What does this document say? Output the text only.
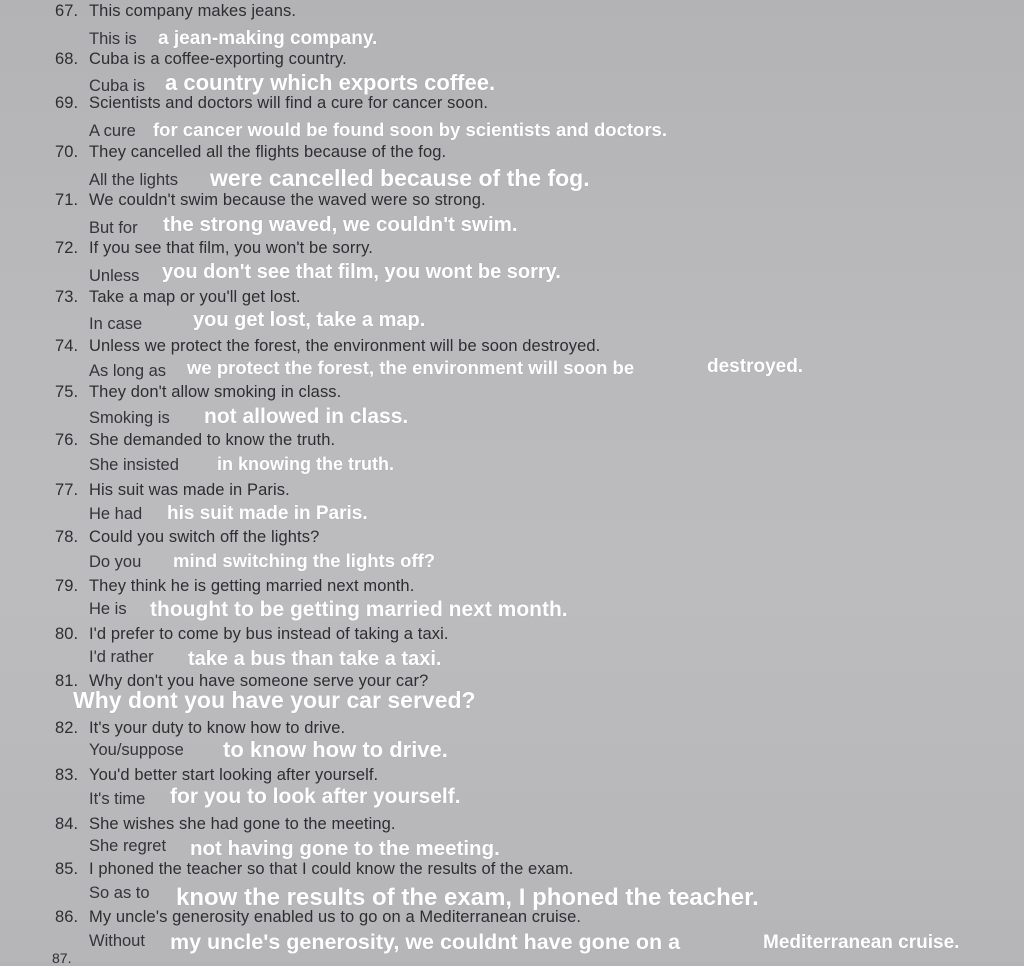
67. This company makes jeans.
This is a jean-making company.
68. Cuba is a coffee-exporting country.
Cuba is a country which exports coffee.
69. Scientists and doctors will find a cure for cancer soon.
A cure for cancer would be found soon by scientists and doctors.
70. They cancelled all the flights because of the fog.
All the lights were cancelled because of the fog.
71. We couldn't swim because the waved were so strong.
But for the strong waved, we couldn't swim.
72. If you see that film, you won't be sorry.
Unless you don't see that film, you wont be sorry.
73. Take a map or you'll get lost.
In case	you get lost, take a map.
74. Unless we protect the forest, the environment will be soon destroyed.
As long as we protect the forest, the environment will soon be	destroyed.
75. They don't allow smoking in class.
Smoking is not allowed in class.
76. She demanded to know the truth.
She insisted in knowing the truth.
77. His suit was made in Paris.
He had his suit made in Paris.
78. Could you switch off the lights?
Do you mind switching the lights off?
79. They think he is getting married next month.
He is thought to be getting married next month.
80. I'd prefer to come by bus instead of taking a taxi.
I'd rather take a bus than take a taxi.
81. Why don't you have someone serve your car?
Why dont you have your car served?
82. It's your duty to know how to drive.
You/suppose to know how to drive.
83. You'd better start looking after yourself.
It's time for you to look after yourself.
84. She wishes she had gone to the meeting.
She regret not having gone to the meeting.
85. I phoned the teacher so that I could know the results of the exam.
So as to know the results of the exam, I phoned the teacher.
86. My uncle's generosity enabled us to go on a Mediterranean cruise.
Without my uncle's generosity, we couldnt have gone on a	Mediterranean cruise.
87.
